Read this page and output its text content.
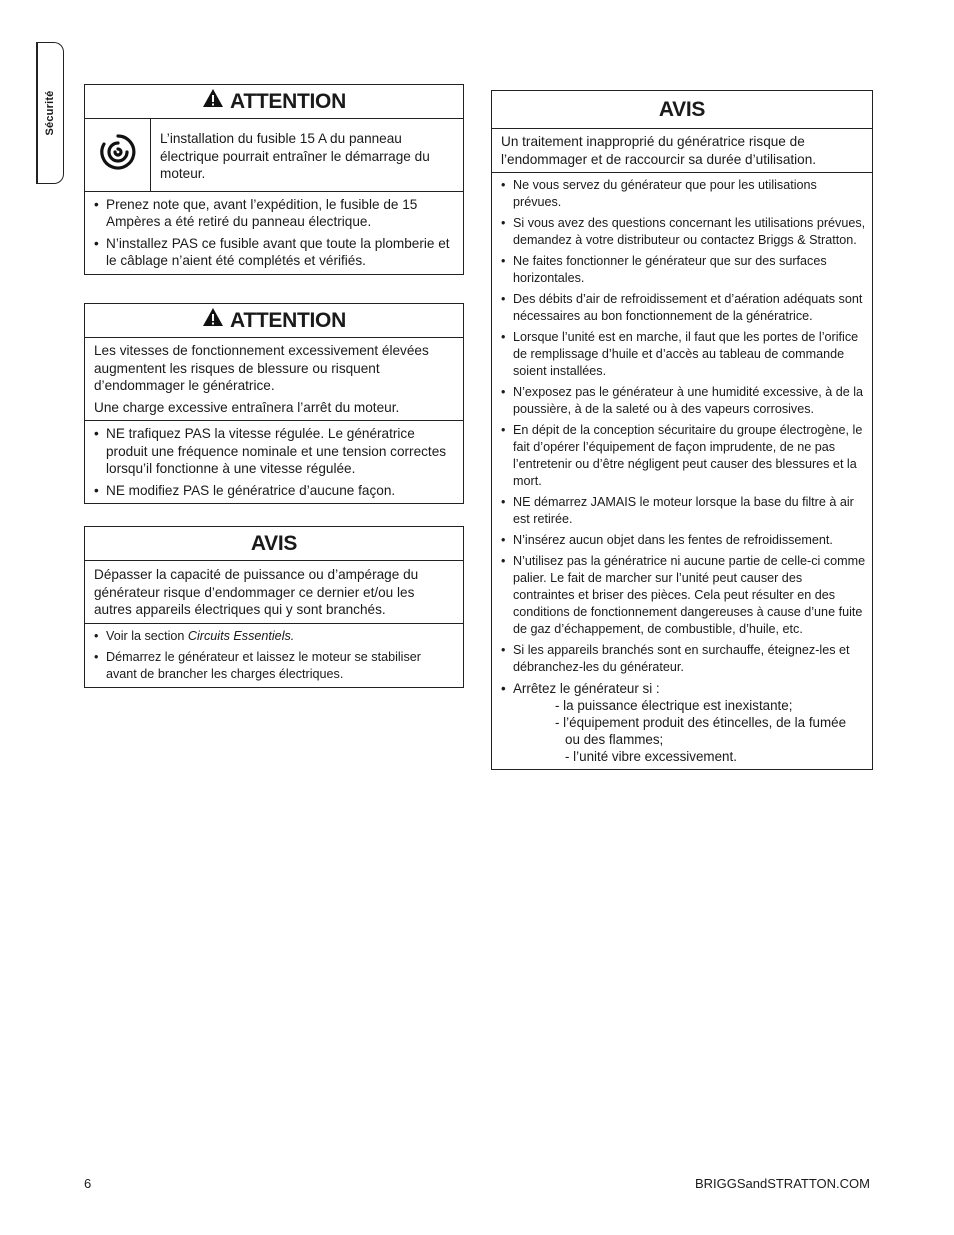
Sécurité	ATTENTION
L’installation du fusible 15 A du panneau électrique pourrait entraîner le démarrage du moteur.
• Prenez note que, avant l’expédition, le fusible de 15 Ampères a été retiré du panneau électrique.
• N’installez PAS ce fusible avant que toute la plomberie et le câblage n’aient été complétés et vérifiés.
ATTENTION

Les vitesses de fonctionnement excessivement élevées augmentent les risques de blessure ou risquent d’endommager le génératrice.

Une charge excessive entraînera l’arrêt du moteur.

• NE trafiquez PAS la vitesse régulée. Le génératrice produit une fréquence nominale et une tension correctes lorsqu’il fonctionne à une vitesse régulée.
• NE modifiez PAS le génératrice d’aucune façon.
AVIS

Dépasser la capacité de puissance ou d’ampérage du générateur risque d’endommager ce dernier et/ou les autres appareils électriques qui y sont branchés.

• Voir la section Circuits Essentiels.
• Démarrez le générateur et laissez le moteur se stabiliser avant de brancher les charges électriques.
AVIS

Un traitement inapproprié du génératrice risque de l’endommager et de raccourcir sa durée d’utilisation.

• Ne vous servez du générateur que pour les utilisations prévues.
• Si vous avez des questions concernant les utilisations prévues, demandez à votre distributeur ou contactez Briggs & Stratton.
• Ne faites fonctionner le générateur que sur des surfaces horizontales.
• Des débits d’air de refroidissement et d’aération adéquats sont nécessaires au bon fonctionnement de la génératrice.
• Lorsque l’unité est en marche, il faut que les portes de l’orifice de remplissage d’huile et d’accès au tableau de commande soient installées.
• N’exposez pas le générateur à une humidité excessive, à de la poussière, à de la saleté ou à des vapeurs corrosives.
• En dépit de la conception sécuritaire du groupe électrogène, le fait d’opérer l’équipement de façon imprudente, de ne pas l’entretenir ou d’être négligent peut causer des blessures et la mort.
• NE démarrez JAMAIS le moteur lorsque la base du filtre à air est retirée.
• N’insérez aucun objet dans les fentes de refroidissement.
• N’utilisez pas la génératrice ni aucune partie de celle-ci comme palier. Le fait de marcher sur l’unité peut causer des contraintes et briser des pièces. Cela peut résulter en des conditions de fonctionnement dangereuses à cause d’une fuite de gaz d’échappement, de combustible, d’huile, etc.
• Si les appareils branchés sont en surchauffe, éteignez-les et débranchez-les du générateur.
• Arrêtez le générateur si :
- la puissance électrique est inexistante;
- l’équipement produit des étincelles, de la fumée
ou des flammes;
- l’unité vibre excessivement.
6	BRIGGSandSTRATTON.COM
